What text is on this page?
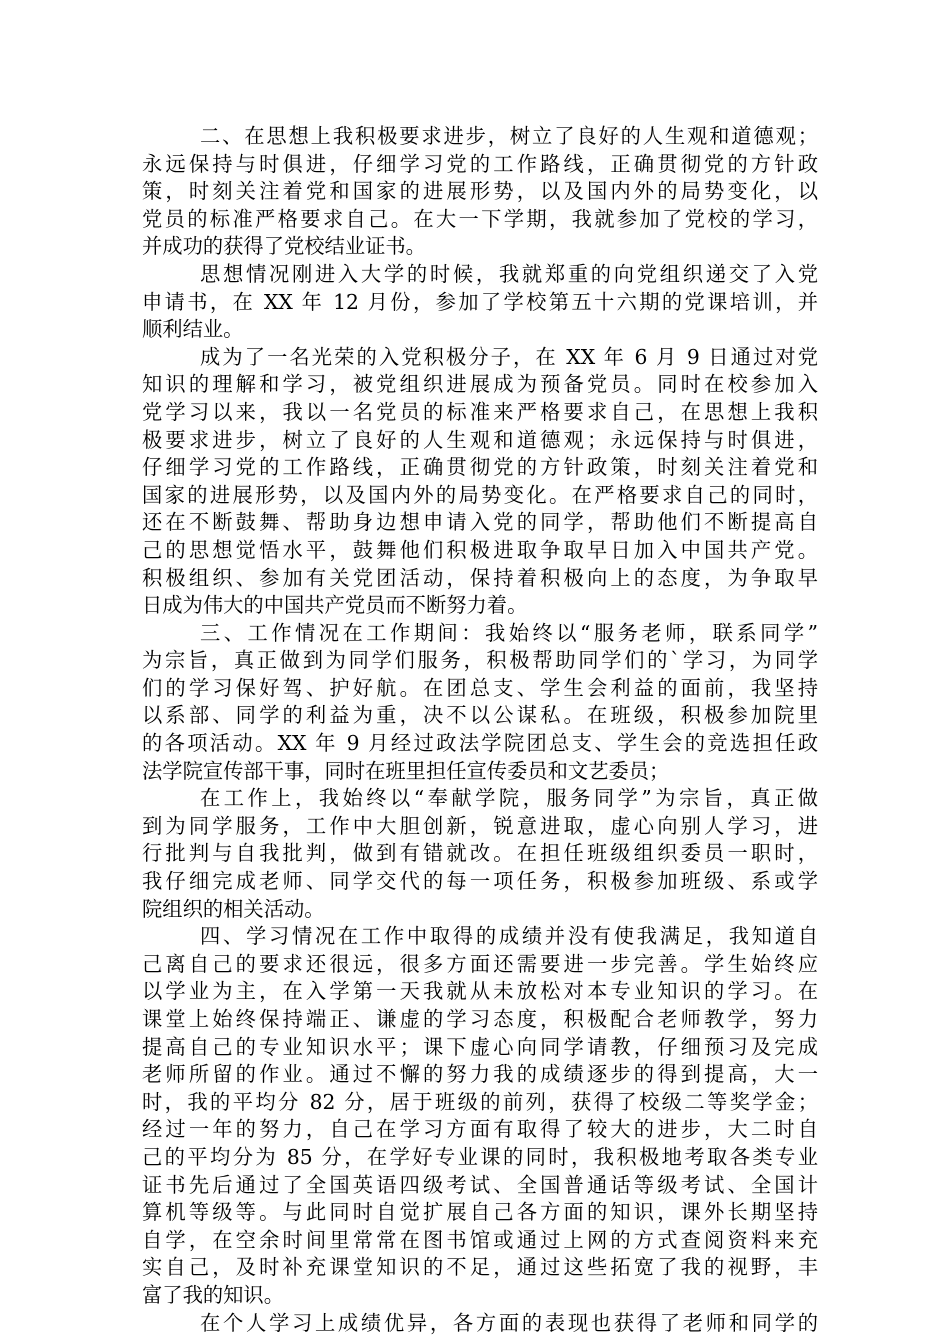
二、在思想上我积极要求进步，树立了良好的人生观和道德观；
永远保持与时俱进，仔细学习党的工作路线，正确贯彻党的方针政
策，时刻关注着党和国家的进展形势，以及国内外的局势变化，以
党员的标准严格要求自己。在大一下学期，我就参加了党校的学习，
并成功的获得了党校结业证书。
思想情况刚进入大学的时候，我就郑重的向党组织递交了入党
申请书，在 XX 年 12 月份，参加了学校第五十六期的党课培训，并
顺利结业。
成为了一名光荣的入党积极分子，在 XX 年 6 月 9 日通过对党
知识的理解和学习，被党组织进展成为预备党员。同时在校参加入
党学习以来，我以一名党员的标准来严格要求自己，在思想上我积
极要求进步，树立了良好的人生观和道德观；永远保持与时俱进，
仔细学习党的工作路线，正确贯彻党的方针政策，时刻关注着党和
国家的进展形势，以及国内外的局势变化。在严格要求自己的同时，
还在不断鼓舞、帮助身边想申请入党的同学，帮助他们不断提高自
己的思想觉悟水平，鼓舞他们积极进取争取早日加入中国共产党。
积极组织、参加有关党团活动，保持着积极向上的态度，为争取早
日成为伟大的中国共产党员而不断努力着。
三、工作情况在工作期间：我始终以“服务老师，联系同学”
为宗旨，真正做到为同学们服务，积极帮助同学们的`学习，为同学
们的学习保好驾、护好航。在团总支、学生会利益的面前，我坚持
以系部、同学的利益为重，决不以公谋私。在班级，积极参加院里
的各项活动。XX 年 9 月经过政法学院团总支、学生会的竞选担任政
法学院宣传部干事，同时在班里担任宣传委员和文艺委员；
在工作上，我始终以“奉献学院，服务同学”为宗旨，真正做
到为同学服务，工作中大胆创新，锐意进取，虚心向别人学习，进
行批判与自我批判，做到有错就改。在担任班级组织委员一职时，
我仔细完成老师、同学交代的每一项任务，积极参加班级、系或学
院组织的相关活动。
四、学习情况在工作中取得的成绩并没有使我满足，我知道自
己离自己的要求还很远，很多方面还需要进一步完善。学生始终应
以学业为主，在入学第一天我就从未放松对本专业知识的学习。在
课堂上始终保持端正、谦虚的学习态度，积极配合老师教学，努力
提高自己的专业知识水平；课下虚心向同学请教，仔细预习及完成
老师所留的作业。通过不懈的努力我的成绩逐步的得到提高，大一
时，我的平均分 82 分，居于班级的前列，获得了校级二等奖学金；
经过一年的努力，自己在学习方面有取得了较大的进步，大二时自
己的平均分为 85 分，在学好专业课的同时，我积极地考取各类专业
证书先后通过了全国英语四级考试、全国普通话等级考试、全国计
算机等级等。与此同时自觉扩展自己各方面的知识，课外长期坚持
自学，在空余时间里常常在图书馆或通过上网的方式查阅资料来充
实自己，及时补充课堂知识的不足，通过这些拓宽了我的视野，丰
富了我的知识。
在个人学习上成绩优异，各方面的表现也获得了老师和同学的
